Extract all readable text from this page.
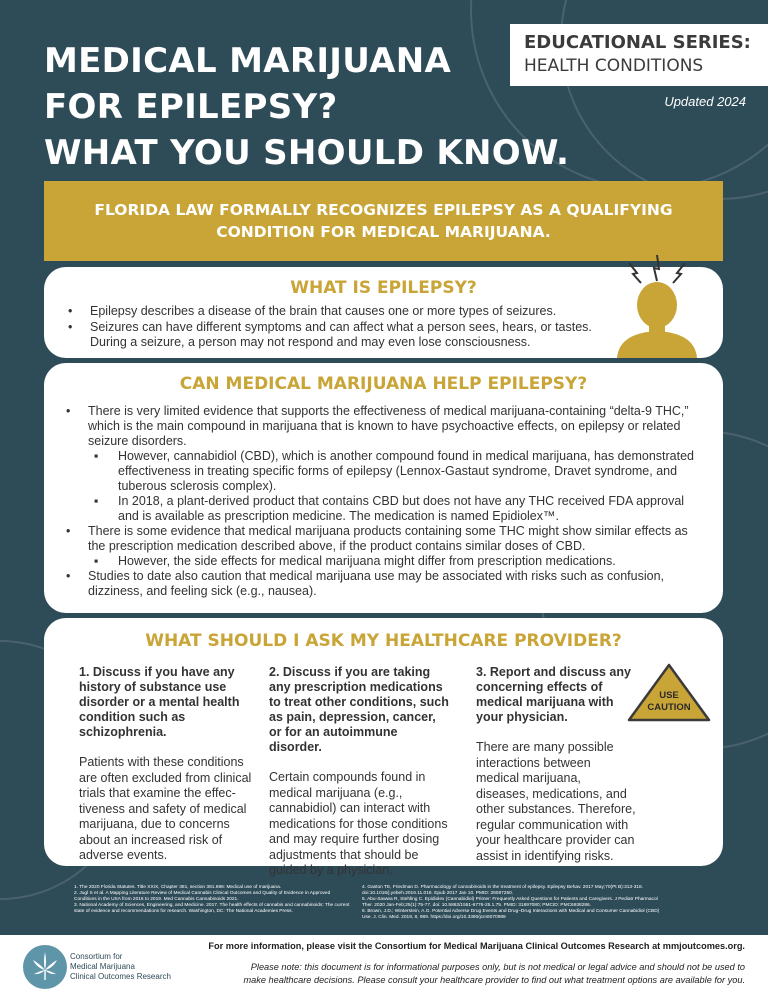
MEDICAL MARIJUANA
FOR EPILEPSY?
WHAT YOU SHOULD KNOW.
EDUCATIONAL SERIES:
HEALTH CONDITIONS
Updated 2024
FLORIDA LAW FORMALLY RECOGNIZES EPILEPSY AS A QUALIFYING
CONDITION FOR MEDICAL MARIJUANA.
WHAT IS EPILEPSY?
• Epilepsy describes a disease of the brain that causes one or more types of seizures.
• Seizures can have different symptoms and can affect what a person sees, hears, or tastes. During a seizure, a person may not respond and may even lose consciousness.
CAN MEDICAL MARIJUANA HELP EPILEPSY?
• There is very limited evidence that supports the effectiveness of medical marijuana-containing “delta-9 THC,” which is the main compound in marijuana that is known to have psychoactive effects, on epilepsy or related seizure disorders.
▪ However, cannabidiol (CBD), which is another compound found in medical marijuana, has demonstrated effectiveness in treating specific forms of epilepsy (Lennox-Gastaut syndrome, Dravet syndrome, and tuberous sclerosis complex).
▪ In 2018, a plant-derived product that contains CBD but does not have any THC received FDA approval and is available as prescription medicine. The medication is named Epidiolex™.
• There is some evidence that medical marijuana products containing some THC might show similar effects as the prescription medication described above, if the product contains similar doses of CBD.
▪ However, the side effects for medical marijuana might differ from prescription medications.
• Studies to date also caution that medical marijuana use may be associated with risks such as confusion, dizziness, and feeling sick (e.g., nausea).
WHAT SHOULD I ASK MY HEALTHCARE PROVIDER?
1. Discuss if you have any history of substance use disorder or a mental health condition such as schizophrenia.
Patients with these conditions are often excluded from clinical trials that examine the effec-tiveness and safety of medical marijuana, due to concerns about an increased risk of adverse events.
2. Discuss if you are taking any prescription medications to treat other conditions, such as pain, depression, cancer, or for an autoimmune disorder.
Certain compounds found in medical marijuana (e.g., cannabidiol) can interact with medications for those conditions and may require further dosing adjustments that should be guided by a physician.
3. Report and discuss any concerning effects of medical marijuana with your physician.
There are many possible interactions between medical marijuana, diseases, medications, and other substances. Therefore, regular communication with your healthcare provider can assist in identifying risks.
USE
CAUTION
1. The 2020 Florida Statutes. Title XXIX, Chapter 381, section 381.986: Medical use of marijuana.
2. Jugl S et al. A Mapping Literature Review of Medical Cannabis Clinical Outcomes and Quality of Evidence in Approved Conditions in the USA from 2016 to 2019. Med Cannabis Cannabinoids 2021.
3. National Academy of Sciences, Engineering, and Medicine. 2017. The health effects of cannabis and cannabinoids: The current state of evidence and recommendations for research. Washington, DC: The National Academies Press.
4. Gaston TE, Friedman D. Pharmacology of cannabinoids in the treatment of epilepsy. Epilepsy Behav. 2017 May;70(Pt B):313-318. doi:10.1016/j.yebeh.2016.11.016. Epub 2017 Jan 10. PMID: 28087250.
5. Abu-Sawwa R, Stehling C. Epidiolex (Cannabidiol) Primer: Frequently Asked Questions for Patients and Caregivers. J Pediatr Pharmacol Ther. 2020 Jan-Feb;25(1):75-77. doi: 10.5863/1551-6776-25.1.75. PMID: 31897080; PMCID: PMC6938286.
6. Brown, J.D.; Winterstein, A.G. Potential Adverse Drug Events and Drug–Drug Interactions with Medical and Consumer Cannabidiol (CBD) Use. J. Clin. Med. 2019, 8, 989. https://doi.org/10.3390/jcm8070989
Consortium for
Medical Marijuana
Clinical Outcomes Research
For more information, please visit the Consortium for Medical Marijuana Clinical Outcomes Research at mmjoutcomes.org.
Please note: this document is for informational purposes only, but is not medical or legal advice and should not be used to
make healthcare decisions. Please consult your healthcare provider to find out what treatment options are available for you.
